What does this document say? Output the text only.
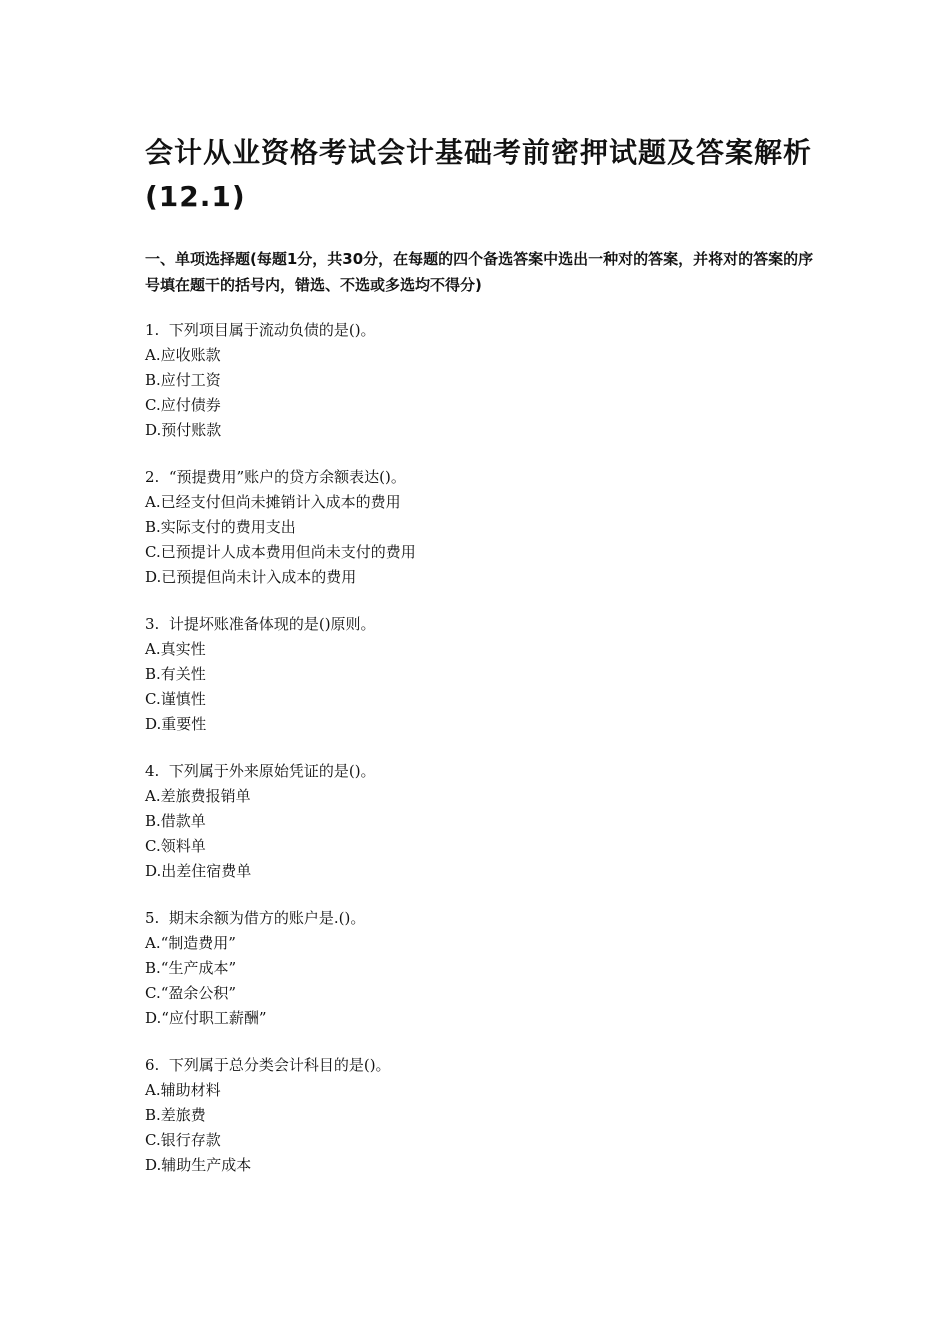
会计从业资格考试会计基础考前密押试题及答案解析(12.1)

一、单项选择题(每题1分，共30分，在每题的四个备选答案中选出一种对的答案，并将对的答案的序号填在题干的括号内，错选、不选或多选均不得分)

1.  下列项目属于流动负债的是()。
A.应收账款
B.应付工资
C.应付债券
D.预付账款
2.  “预提费用”账户的贷方余额表达()。
A.已经支付但尚未摊销计入成本的费用
B.实际支付的费用支出
C.已预提计人成本费用但尚未支付的费用
D.已预提但尚未计入成本的费用
3.  计提坏账准备体现的是()原则。
A.真实性
B.有关性
C.谨慎性
D.重要性
4.  下列属于外来原始凭证的是()。
A.差旅费报销单
B.借款单
C.领料单
D.出差住宿费单
5.  期末余额为借方的账户是.()。
A.“制造费用”
B.“生产成本”
C.“盈余公积”
D.“应付职工薪酬”
6.  下列属于总分类会计科目的是()。
A.辅助材料
B.差旅费
C.银行存款
D.辅助生产成本
